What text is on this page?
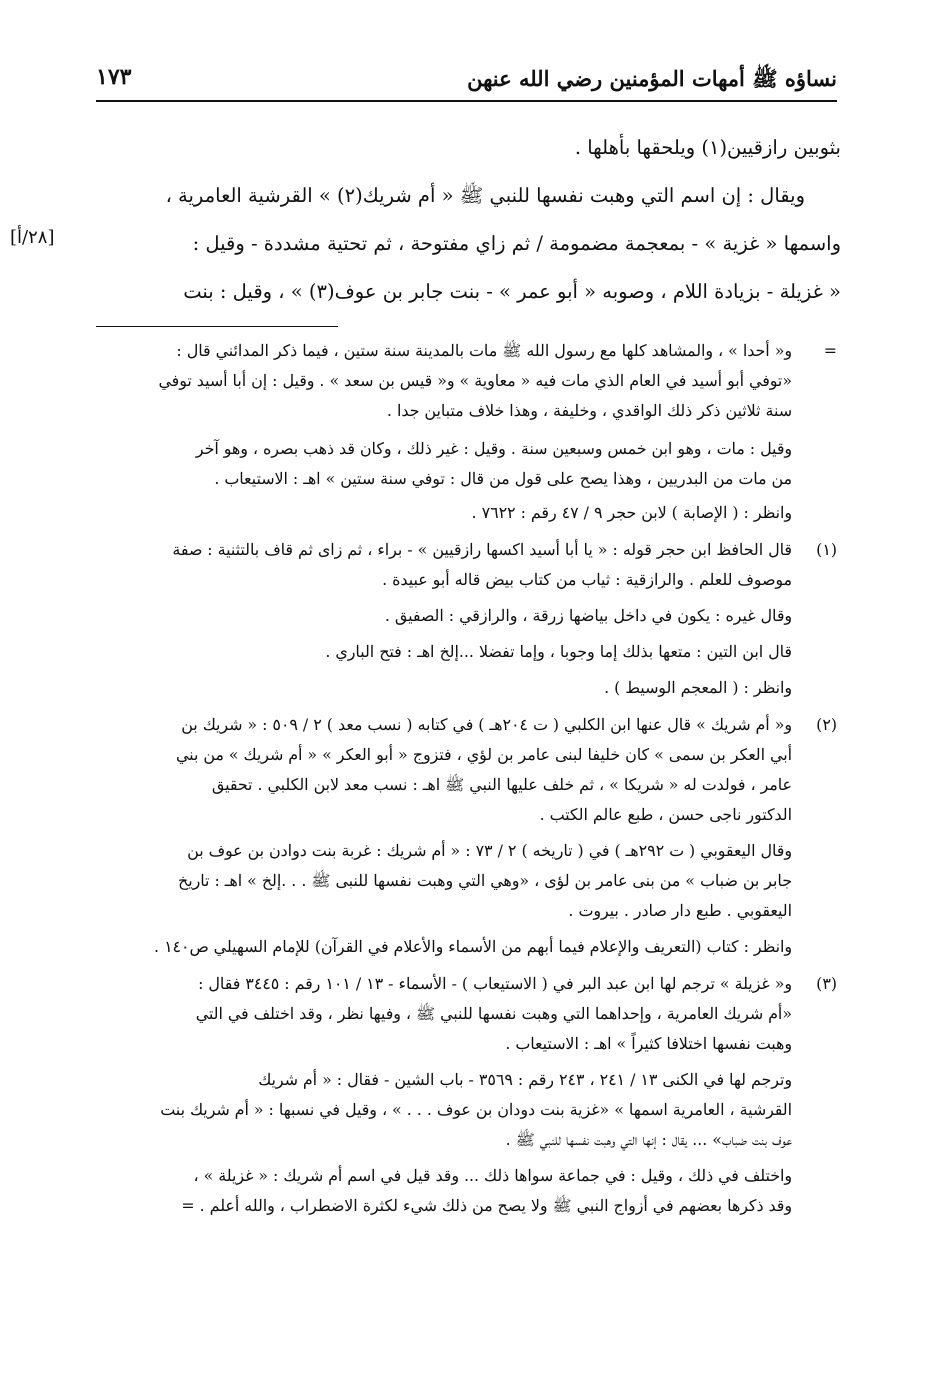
نساؤه ﷺ أمهات المؤمنين رضي الله عنهن
١٧٣

بثوبين رازقيين(١) ويلحقها بأهلها .

ويقال : إن اسم التي وهبت نفسها للنبي ﷺ « أم شريك(٢) » القرشية العامرية ،

واسمها « غزية » - بمعجمة مضمومة / ثم زاي مفتوحة ، ثم تحتية مشددة - وقيل :

« غزيلة - بزيادة اللام ، وصوبه « أبو عمر » - بنت جابر بن عوف(٣) » ، وقيل : بنت

[٢٨/أ]
=
و« أحدا » ، والمشاهد كلها مع رسول الله ﷺ مات بالمدينة سنة ستين ، فيما ذكر المدائني قال :
«توفي أبو أسيد في العام الذي مات فيه « معاوية » و« قيس بن سعد » . وقيل : إن أبا أسيد توفي
سنة ثلاثين ذكر ذلك الواقدي ، وخليفة ، وهذا خلاف متباين جدا .
وقيل : مات ، وهو ابن خمس وسبعين سنة . وقيل : غير ذلك ، وكان قد ذهب بصره ، وهو آخر
من مات من البدريين ، وهذا يصح على قول من قال : توفي سنة ستين » اهـ : الاستيعاب .
وانظر : ( الإصابة ) لابن حجر ٩ / ٤٧ رقم : ٧٦٢٢ .
(١)
قال الحافظ ابن حجر قوله : « يا أبا أسيد اكسها رازقيين » - براء ، ثم زاى ثم قاف بالتثنية : صفة
موصوف للعلم . والرازقية : ثياب من كتاب بيض قاله أبو عبيدة .
وقال غيره : يكون في داخل بياضها زرقة ، والرازقي : الصفيق .
قال ابن التين : متعها بذلك إما وجوبا ، وإما تفضلا ...إلخ اهـ : فتح الباري .
وانظر : ( المعجم الوسيط ) .
(٢)
و« أم شريك » قال عنها ابن الكلبي ( ت ٢٠٤هـ ) في كتابه ( نسب معد ) ٢ / ٥٠٩ : « شريك بن
أبي العكر بن سمى » كان خليفا لبنى عامر بن لؤي ، فتزوج « أبو العكر » « أم شريك » من بني
عامر ، فولدت له « شريكا » ، ثم خلف عليها النبي ﷺ اهـ : نسب معد لابن الكلبي . تحقيق
الدكتور ناجى حسن ، طبع عالم الكتب .
وقال اليعقوبي ( ت ٢٩٢هـ ) في ( تاريخه ) ٢ / ٧٣ : « أم شريك : غربة بنت دوادن بن عوف بن
جابر بن ضباب » من بنى عامر بن لؤى ، «وهي التي وهبت نفسها للنبى ﷺ . . .إلخ » اهـ : تاريخ
اليعقوبي . طبع دار صادر . بيروت .
وانظر : كتاب (التعريف والإعلام فيما أبهم من الأسماء والأعلام في القرآن) للإمام السهيلي ص١٤٠ .
(٣)
و« غزيلة » ترجم لها ابن عبد البر في ( الاستيعاب ) - الأسماء - ١٣ / ١٠١ رقم : ٣٤٤٥ فقال :
«أم شريك العامرية ، وإحداهما التي وهبت نفسها للنبي ﷺ ، وفيها نظر ، وقد اختلف في التي
وهبت نفسها اختلافا كثيراً » اهـ : الاستيعاب .
وترجم لها في الكنى ١٣ / ٢٤١ ، ٢٤٣ رقم : ٣٥٦٩ - باب الشين - فقال : « أم شريك
القرشية ، العامرية اسمها » «غزية بنت دودان بن عوف . . . » ، وقيل في نسبها : « أم شريك بنت
عوف بنت ضباب» ... يقال : إنها التي وهبت نفسها للنبي ﷺ .
واختلف في ذلك ، وقيل : في جماعة سواها ذلك ... وقد قيل في اسم أم شريك : « غزيلة » ،
وقد ذكرها بعضهم في أزواج النبي ﷺ ولا يصح من ذلك شيء لكثرة الاضطراب ، والله أعلم . =
